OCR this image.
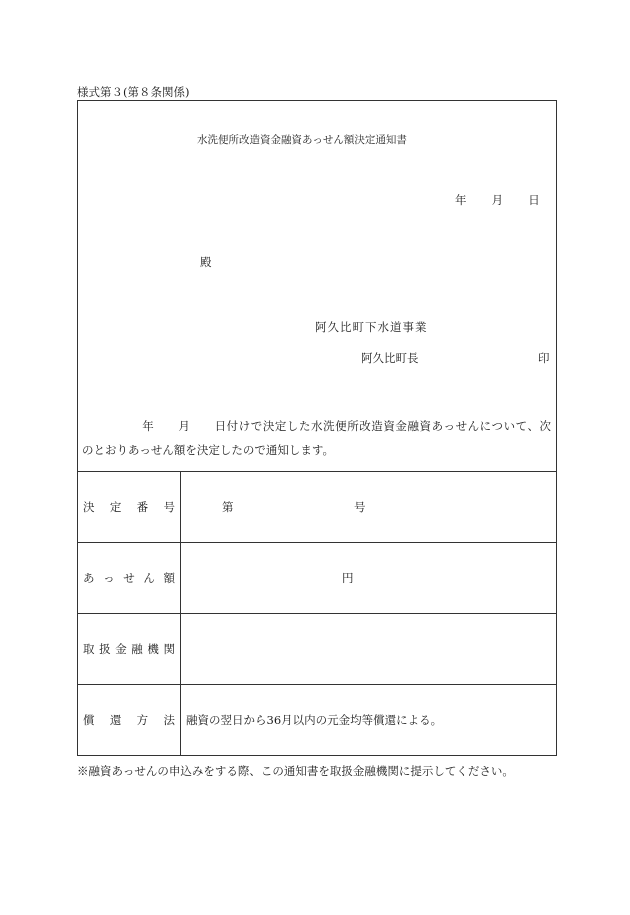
様式第３(第８条関係)
水洗便所改造資金融資あっせん額決定通知書
年　　月　　日
殿
阿久比町下水道事業
阿久比町長	印
　　　　　年　　月　　日付けで決定した水洗便所改造資金融資あっせんについて、次
のとおりあっせん額を決定したので通知します。
決　定　番　号	第　　　　　　　　　　号
あ っ せ ん 額	円
取扱金融機関
償　還　方　法 融資の翌日から36月以内の元金均等償還による。
※融資あっせんの申込みをする際、この通知書を取扱金融機関に提示してください。
